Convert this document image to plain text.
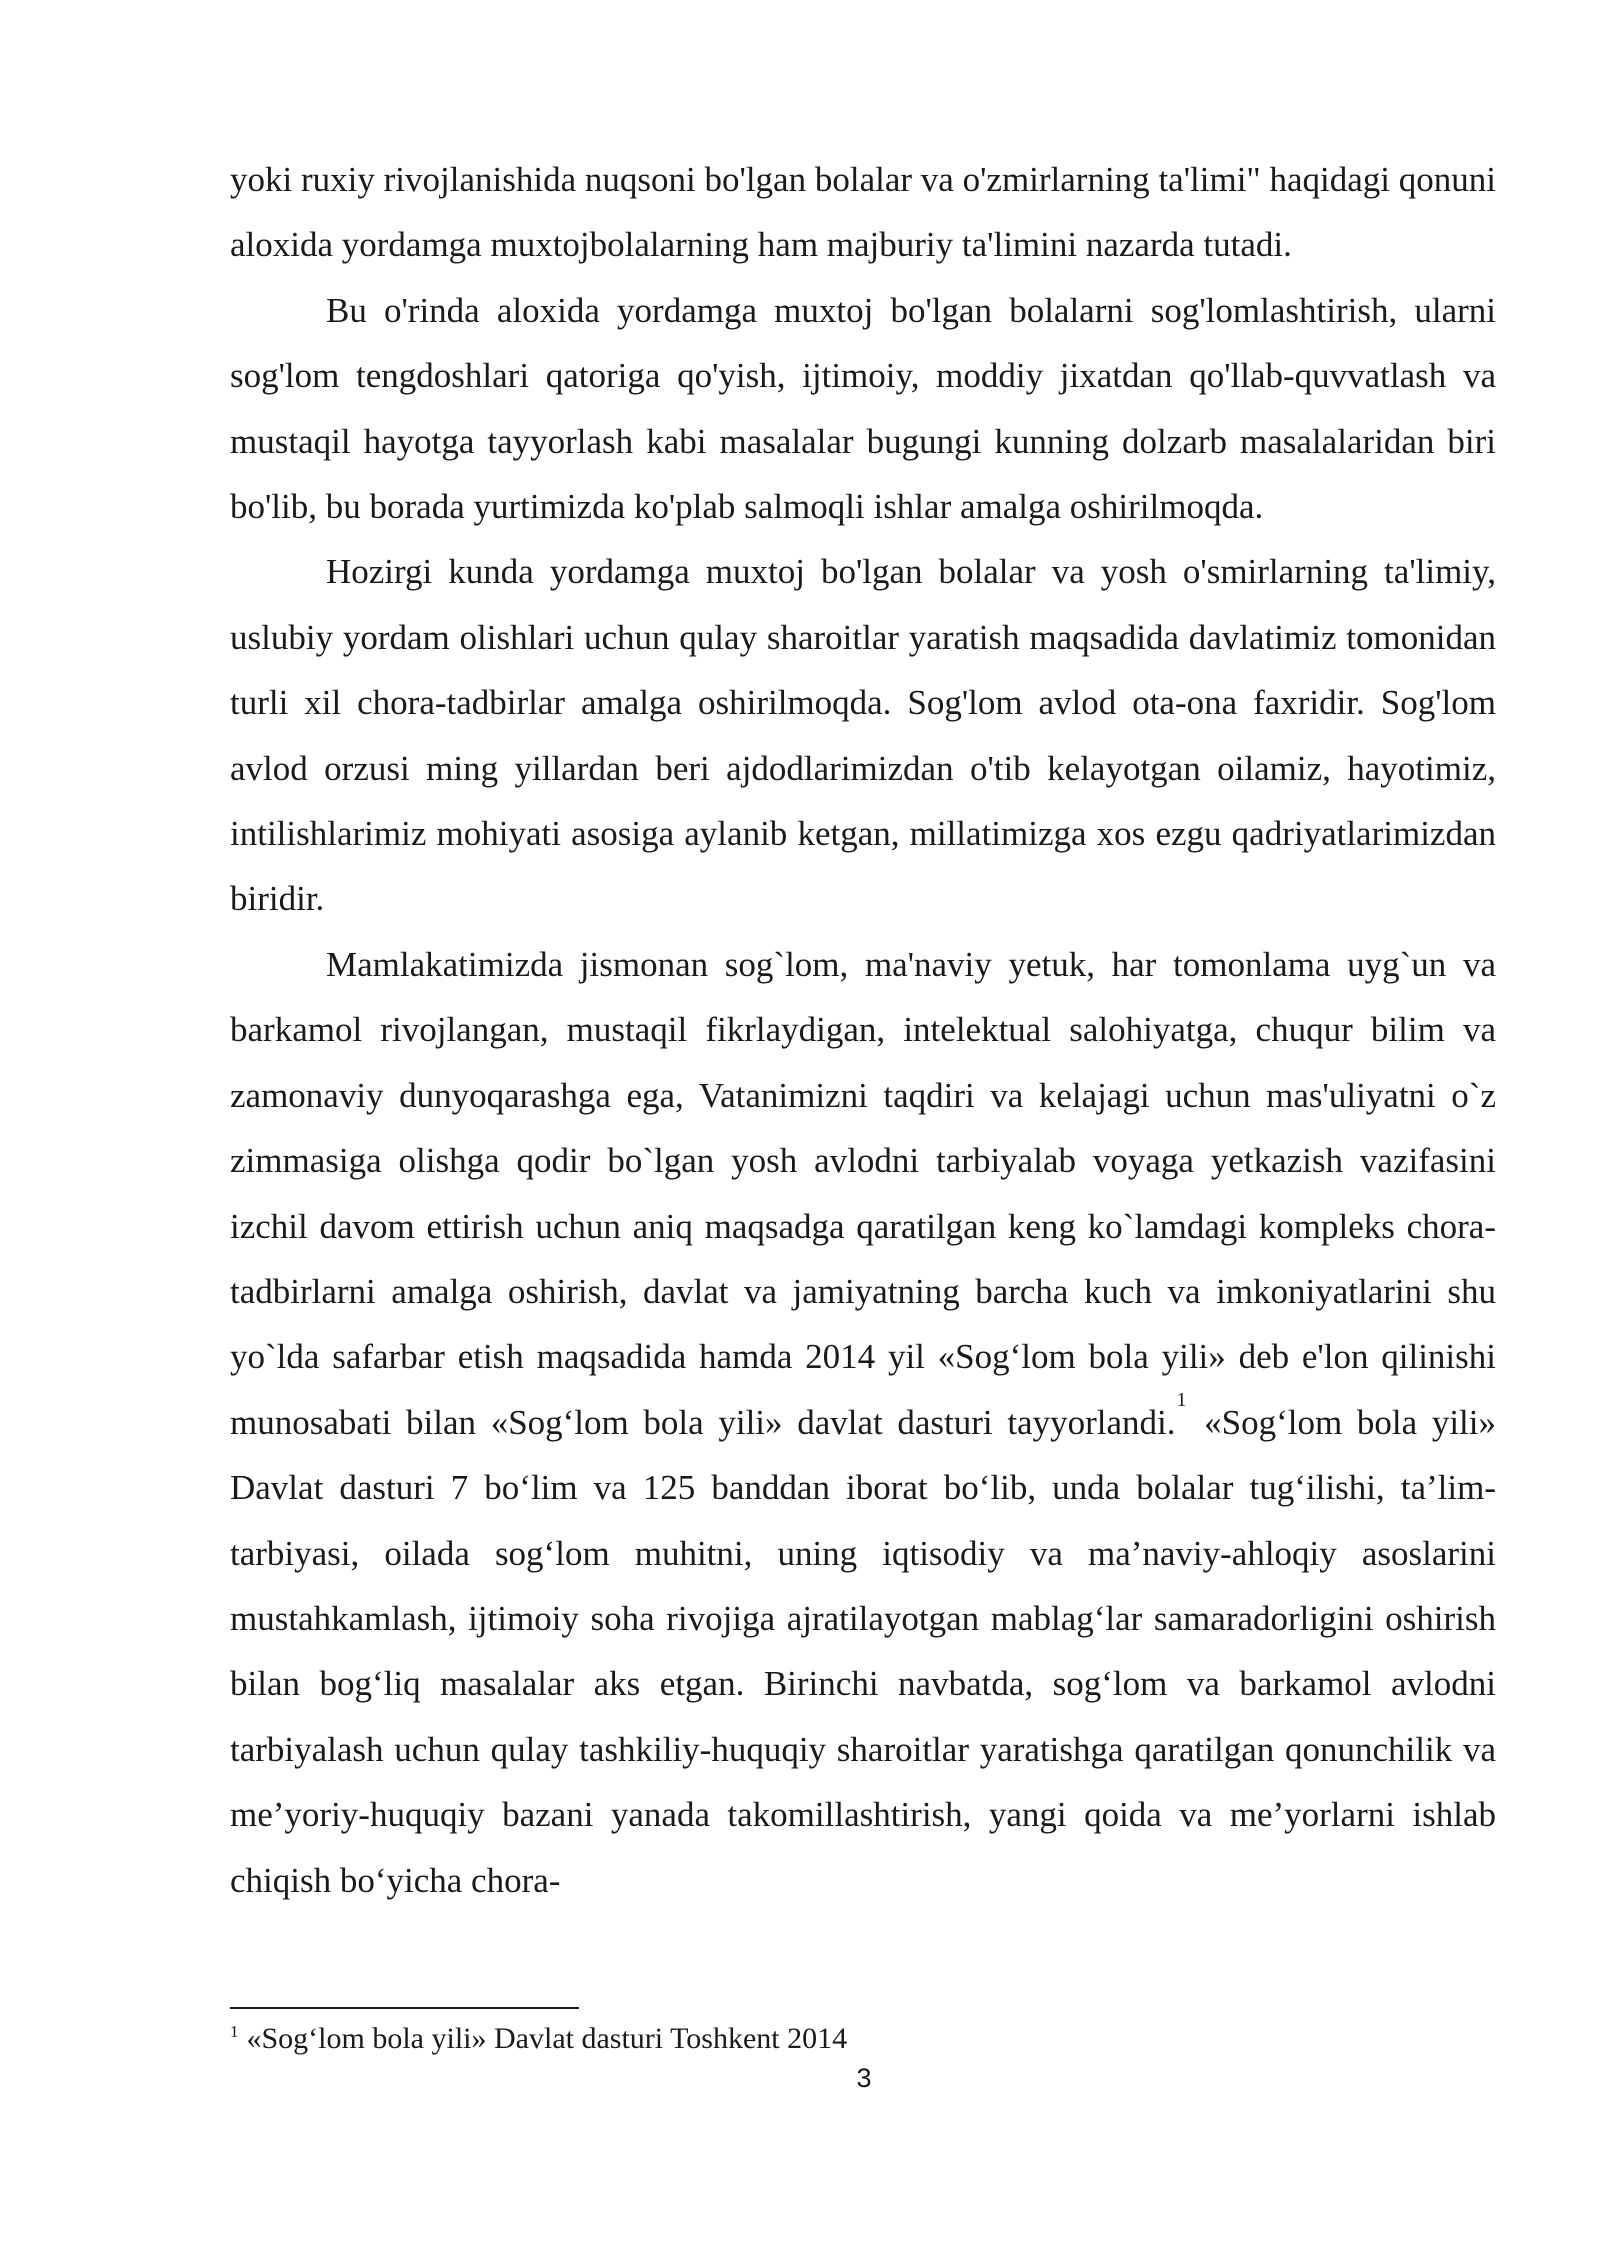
yoki ruxiy rivojlanishida nuqsoni bo'lgan bolalar va o'zmirlarning ta'limi" haqidagi qonuni aloxida yordamga muxtojbolalarning ham majburiy ta'limini nazarda tutadi.

Bu o'rinda aloxida yordamga muxtoj bo'lgan bolalarni sog'lomlashtirish, ularni sog'lom tengdoshlari qatoriga qo'yish, ijtimoiy, moddiy jixatdan qo'llab-quvvatlash va mustaqil hayotga tayyorlash kabi masalalar bugungi kunning dolzarb masalalaridan biri bo'lib, bu borada yurtimizda ko'plab salmoqli ishlar amalga oshirilmoqda.

Hozirgi kunda yordamga muxtoj bo'lgan bolalar va yosh o'smirlarning ta'limiy, uslubiy yordam olishlari uchun qulay sharoitlar yaratish maqsadida davlatimiz tomonidan turli xil chora-tadbirlar amalga oshirilmoqda. Sog'lom avlod ota-ona faxridir. Sog'lom avlod orzusi ming yillardan beri ajdodlarimizdan o'tib kelayotgan oilamiz, hayotimiz, intilishlarimiz mohiyati asosiga aylanib ketgan, millatimizga xos ezgu qadriyatlarimizdan biridir.

Mamlakatimizda jismonan sog`lom, ma'naviy yetuk, har tomonlama uyg`un va barkamol rivojlangan, mustaqil fikrlaydigan, intelektual salohiyatga, chuqur bilim va zamonaviy dunyoqarashga ega, Vatanimizni taqdiri va kelajagi uchun mas'uliyatni o`z zimmasiga olishga qodir bo`lgan yosh avlodni tarbiyalab voyaga yetkazish vazifasini izchil davom ettirish uchun aniq maqsadga qaratilgan keng ko`lamdagi kompleks chora-tadbirlarni amalga oshirish, davlat va jamiyatning barcha kuch va imkoniyatlarini shu yo`lda safarbar etish maqsadida hamda 2014 yil «Sog‘lom bola yili» deb e'lon qilinishi munosabati bilan «Sog‘lom bola yili» davlat dasturi tayyorlandi.$^1$ «Sog‘lom bola yili» Davlat dasturi 7 bo‘lim va 125 banddan iborat bo‘lib, unda bolalar tug‘ilishi, ta’lim-tarbiyasi, oilada sog‘lom muhitni, uning iqtisodiy va ma’naviy-ahloqiy asoslarini mustahkamlash, ijtimoiy soha rivojiga ajratilayotgan mablag‘lar samaradorligini oshirish bilan bog‘liq masalalar aks etgan. Birinchi navbatda, sog‘lom va barkamol avlodni tarbiyalash uchun qulay tashkiliy-huquqiy sharoitlar yaratishga qaratilgan qonunchilik va me’yoriy-huquqiy bazani yanada takomillashtirish, yangi qoida va me’yorlarni ishlab chiqish bo‘yicha chora-

$^1$ «Sog‘lom bola yili» Davlat dasturi Toshkent 2014
3
